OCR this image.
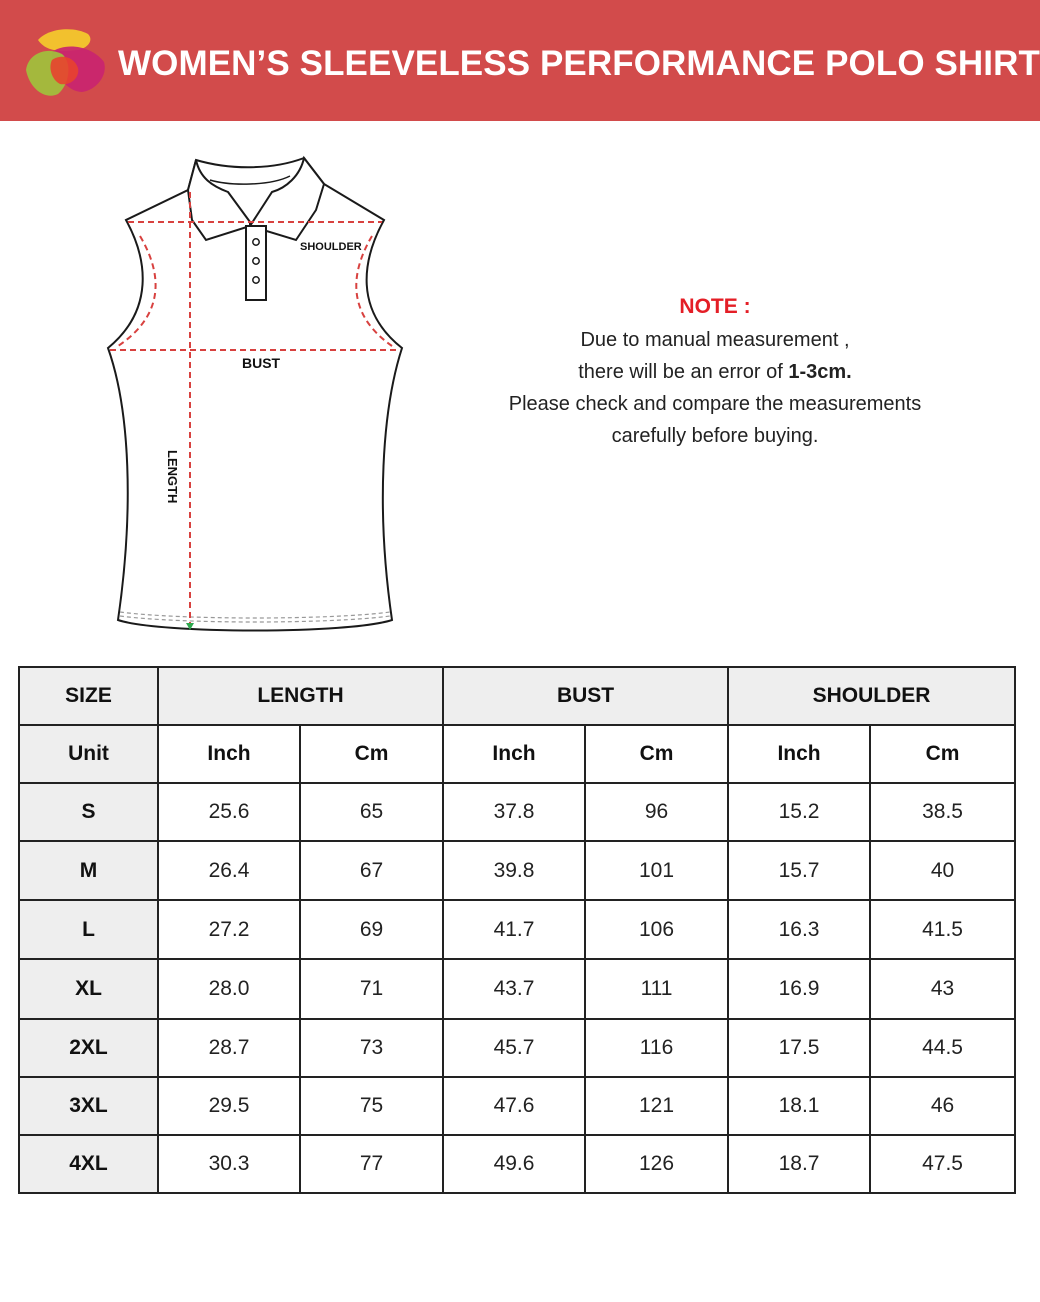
WOMEN’S SLEEVELESS PERFORMANCE POLO SHIRT
SHOULDER
BUST
LENGTH
NOTE :
Due to manual measurement ,
there will be an error of 1-3cm.
Please check and compare the measurements
carefully before buying.
SIZE	LENGTH		BUST		SHOULDER	
Unit	Inch	Cm	Inch	Cm	Inch	Cm
S	25.6	65	37.8	96	15.2	38.5
M	26.4	67	39.8	101	15.7	40
L	27.2	69	41.7	106	16.3	41.5
XL	28.0	71	43.7	111	16.9	43
2XL	28.7	73	45.7	116	17.5	44.5
3XL	29.5	75	47.6	121	18.1	46
4XL	30.3	77	49.6	126	18.7	47.5
